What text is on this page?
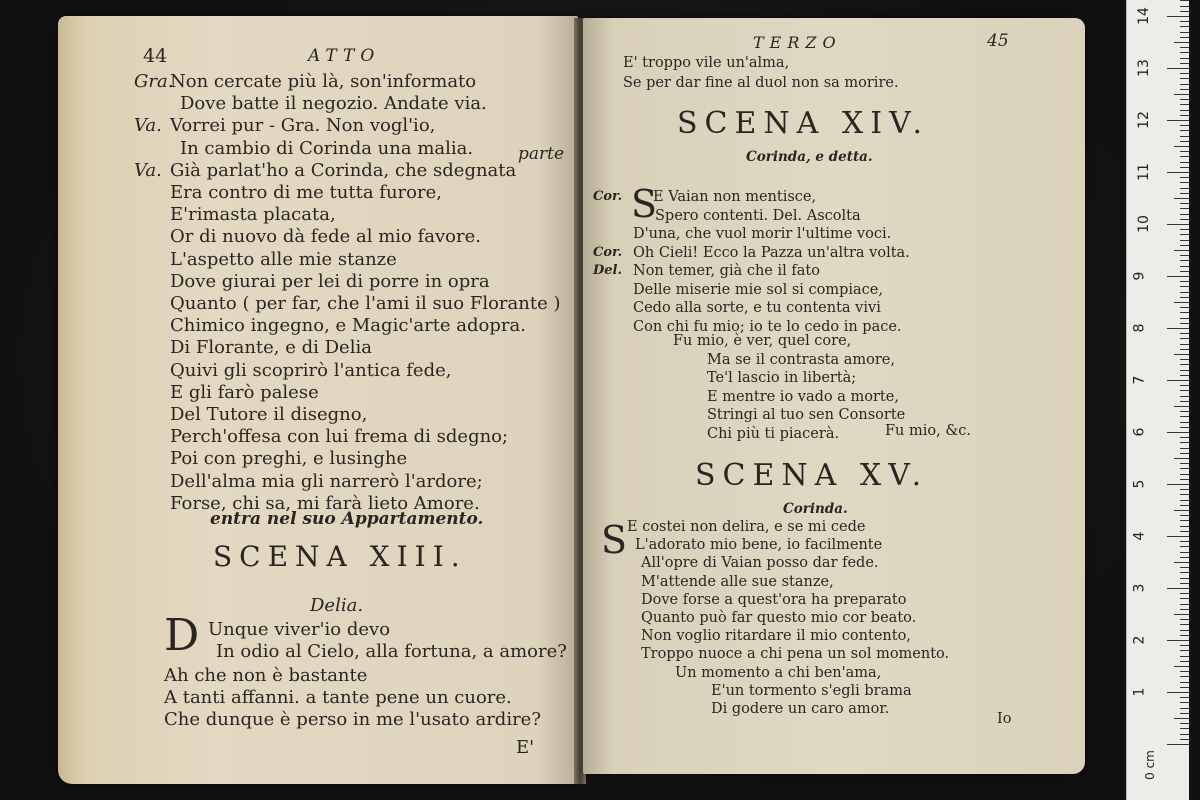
44	ATTO
Gra.
Non cercate più là, son'informato
Dove batte il negozio. Andate via.
Va. Vorrei pur - Gra. Non vogl'io,
In cambio di Corinda una malia.
Va. Già parlat'ho a Corinda, che sdegnata
Era contro di me tutta furore,
E'rimasta placata,
Or di nuovo dà fede al mio favore.
L'aspetto alle mie stanze
Dove giurai per lei di porre in opra
Quanto ( per far, che l'ami il suo Florante )
Chimico ingegno, e Magic'arte adopra.
Di Florante, e di Delia
Quivi gli scoprirò l'antica fede,
E gli farò palese
Del Tutore il disegno,
Perch'offesa con lui frema di sdegno;
Poi con preghi, e lusinghe
Dell'alma mia gli narrerò l'ardore;
Forse, chi sa, mi farà lieto Amore.
parte
entra nel suo Appartamento.
SCENA XIII.
Delia.
D Unque viver'io devo
In odio al Cielo, alla fortuna, a amore?
Ah che non è bastante
A tanti affanni. a tante pene un cuore.
Che dunque è perso in me l'usato ardire?
E'
TERZO	45
E' troppo vile un'alma,
Se per dar fine al duol non sa morire.
SCENA XIV.
Corinda, e detta.
S
Cor. E Vaian non mentisce,
Spero contenti. Del. Ascolta
D'una, che vuol morir l'ultime voci.
Cor. Oh Cieli! Ecco la Pazza un'altra volta.
Del. Non temer, già che il fato
Delle miserie mie sol si compiace,
Cedo alla sorte, e tu contenta vivi
Con chi fu mio; io te lo cedo in pace.
Fu mio, è ver, quel core,
Ma se il contrasta amore,
Te'l lascio in libertà;
E mentre io vado a morte,
Stringi al tuo sen Consorte
Chi più ti piacerà.	Fu mio, &c.
SCENA XV.
Corinda.
S E costei non delira, e se mi cede
L'adorato mio bene, io facilmente
All'opre di Vaian posso dar fede.
M'attende alle sue stanze,
Dove forse a quest'ora ha preparato
Quanto può far questo mio cor beato.
Non voglio ritardare il mio contento,
Troppo nuoce a chi pena un sol momento.
Un momento a chi ben'ama,
E'un tormento s'egli brama
Di godere un caro amor.
Io
1
2
3
4
5
6
7
8
9
10
11
12
13
14
0 cm
